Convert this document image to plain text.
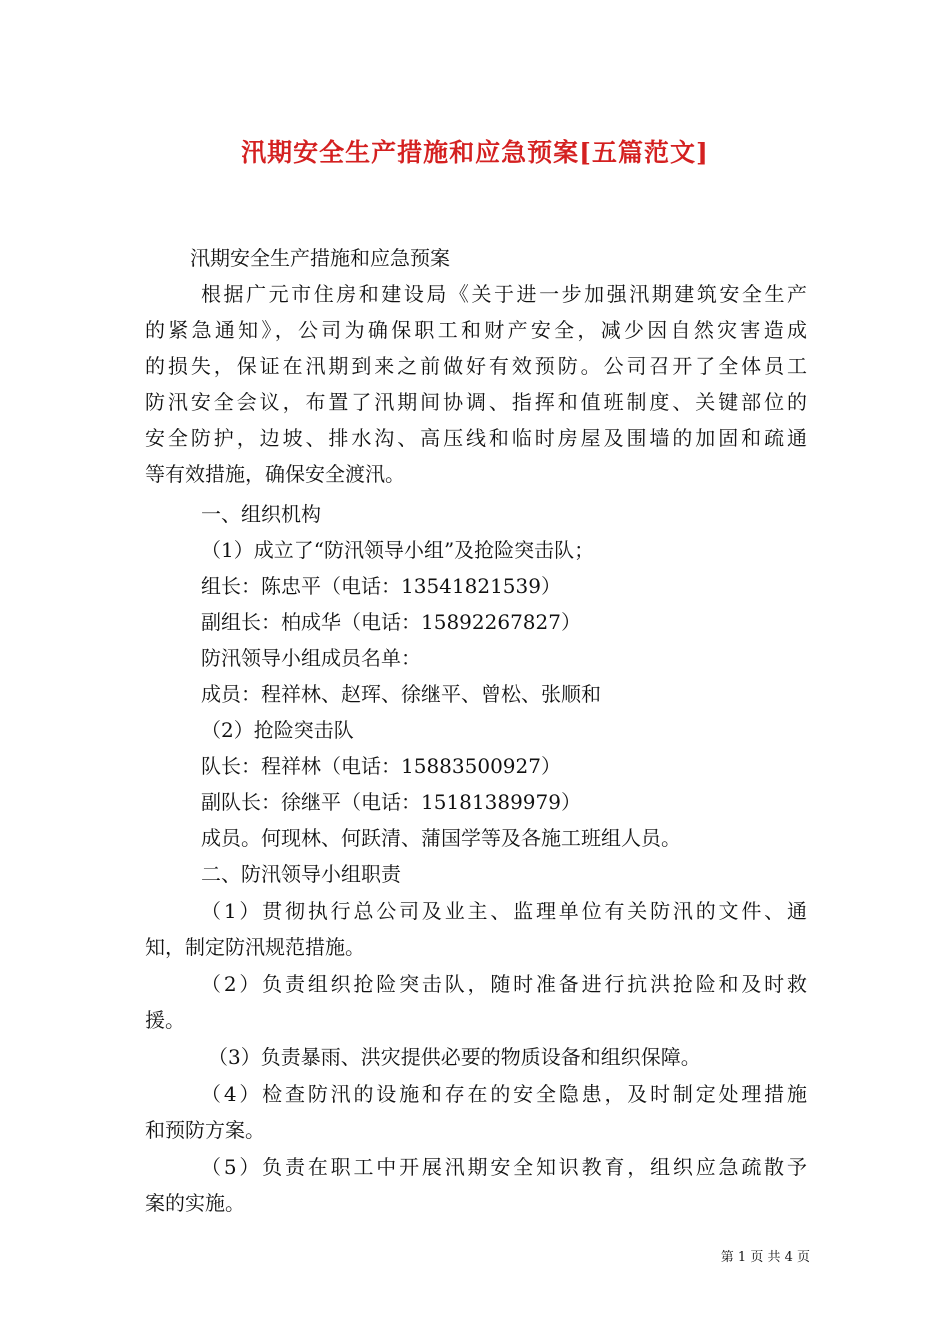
汛期安全生产措施和应急预案[五篇范文]
汛期安全生产措施和应急预案
根据广元市住房和建设局《关于进一步加强汛期建筑安全生产
的紧急通知》，公司为确保职工和财产安全，减少因自然灾害造成
的损失，保证在汛期到来之前做好有效预防。公司召开了全体员工
防汛安全会议，布置了汛期间协调、指挥和值班制度、关键部位的
安全防护，边坡、排水沟、高压线和临时房屋及围墙的加固和疏通
等有效措施，确保安全渡汛。
一、组织机构
（1）成立了“防汛领导小组”及抢险突击队；
组长：陈忠平（电话：13541821539）
副组长：柏成华（电话：15892267827）
防汛领导小组成员名单：
成员：程祥林、赵珲、徐继平、曾松、张顺和
（2）抢险突击队
队长：程祥林（电话：15883500927）
副队长：徐继平（电话：15181389979）
成员。何现林、何跃清、蒲国学等及各施工班组人员。
二、防汛领导小组职责
（1）贯彻执行总公司及业主、监理单位有关防汛的文件、通
知，制定防汛规范措施。
（2）负责组织抢险突击队，随时准备进行抗洪抢险和及时救
援。
（3）负责暴雨、洪灾提供必要的物质设备和组织保障。
（4）检查防汛的设施和存在的安全隐患，及时制定处理措施
和预防方案。
（5）负责在职工中开展汛期安全知识教育，组织应急疏散予
案的实施。
第 1 页 共 4 页
